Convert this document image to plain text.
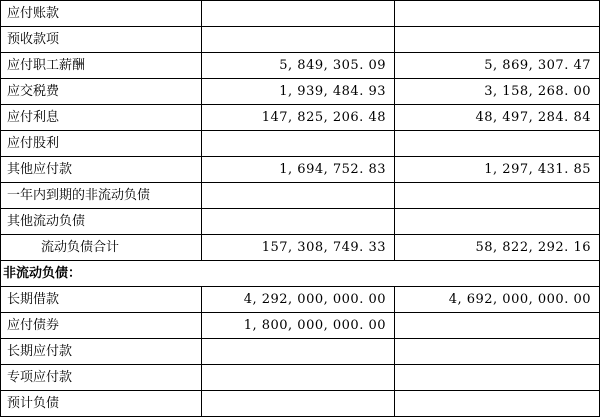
应付账款		
预收款项		
应付职工薪酬	5, 849, 305. 09	5, 869, 307. 47
应交税费	1, 939, 484. 93	3, 158, 268. 00
应付利息	147, 825, 206. 48	48, 497, 284. 84
应付股利		
其他应付款	1, 694, 752. 83	1, 297, 431. 85
一年内到期的非流动负债		
其他流动负债		
流动负债合计	157, 308, 749. 33	58, 822, 292. 16
非流动负债：		
长期借款	4, 292, 000, 000. 00	4, 692, 000, 000. 00
应付债券	1, 800, 000, 000. 00	
长期应付款		
专项应付款		
预计负债		
